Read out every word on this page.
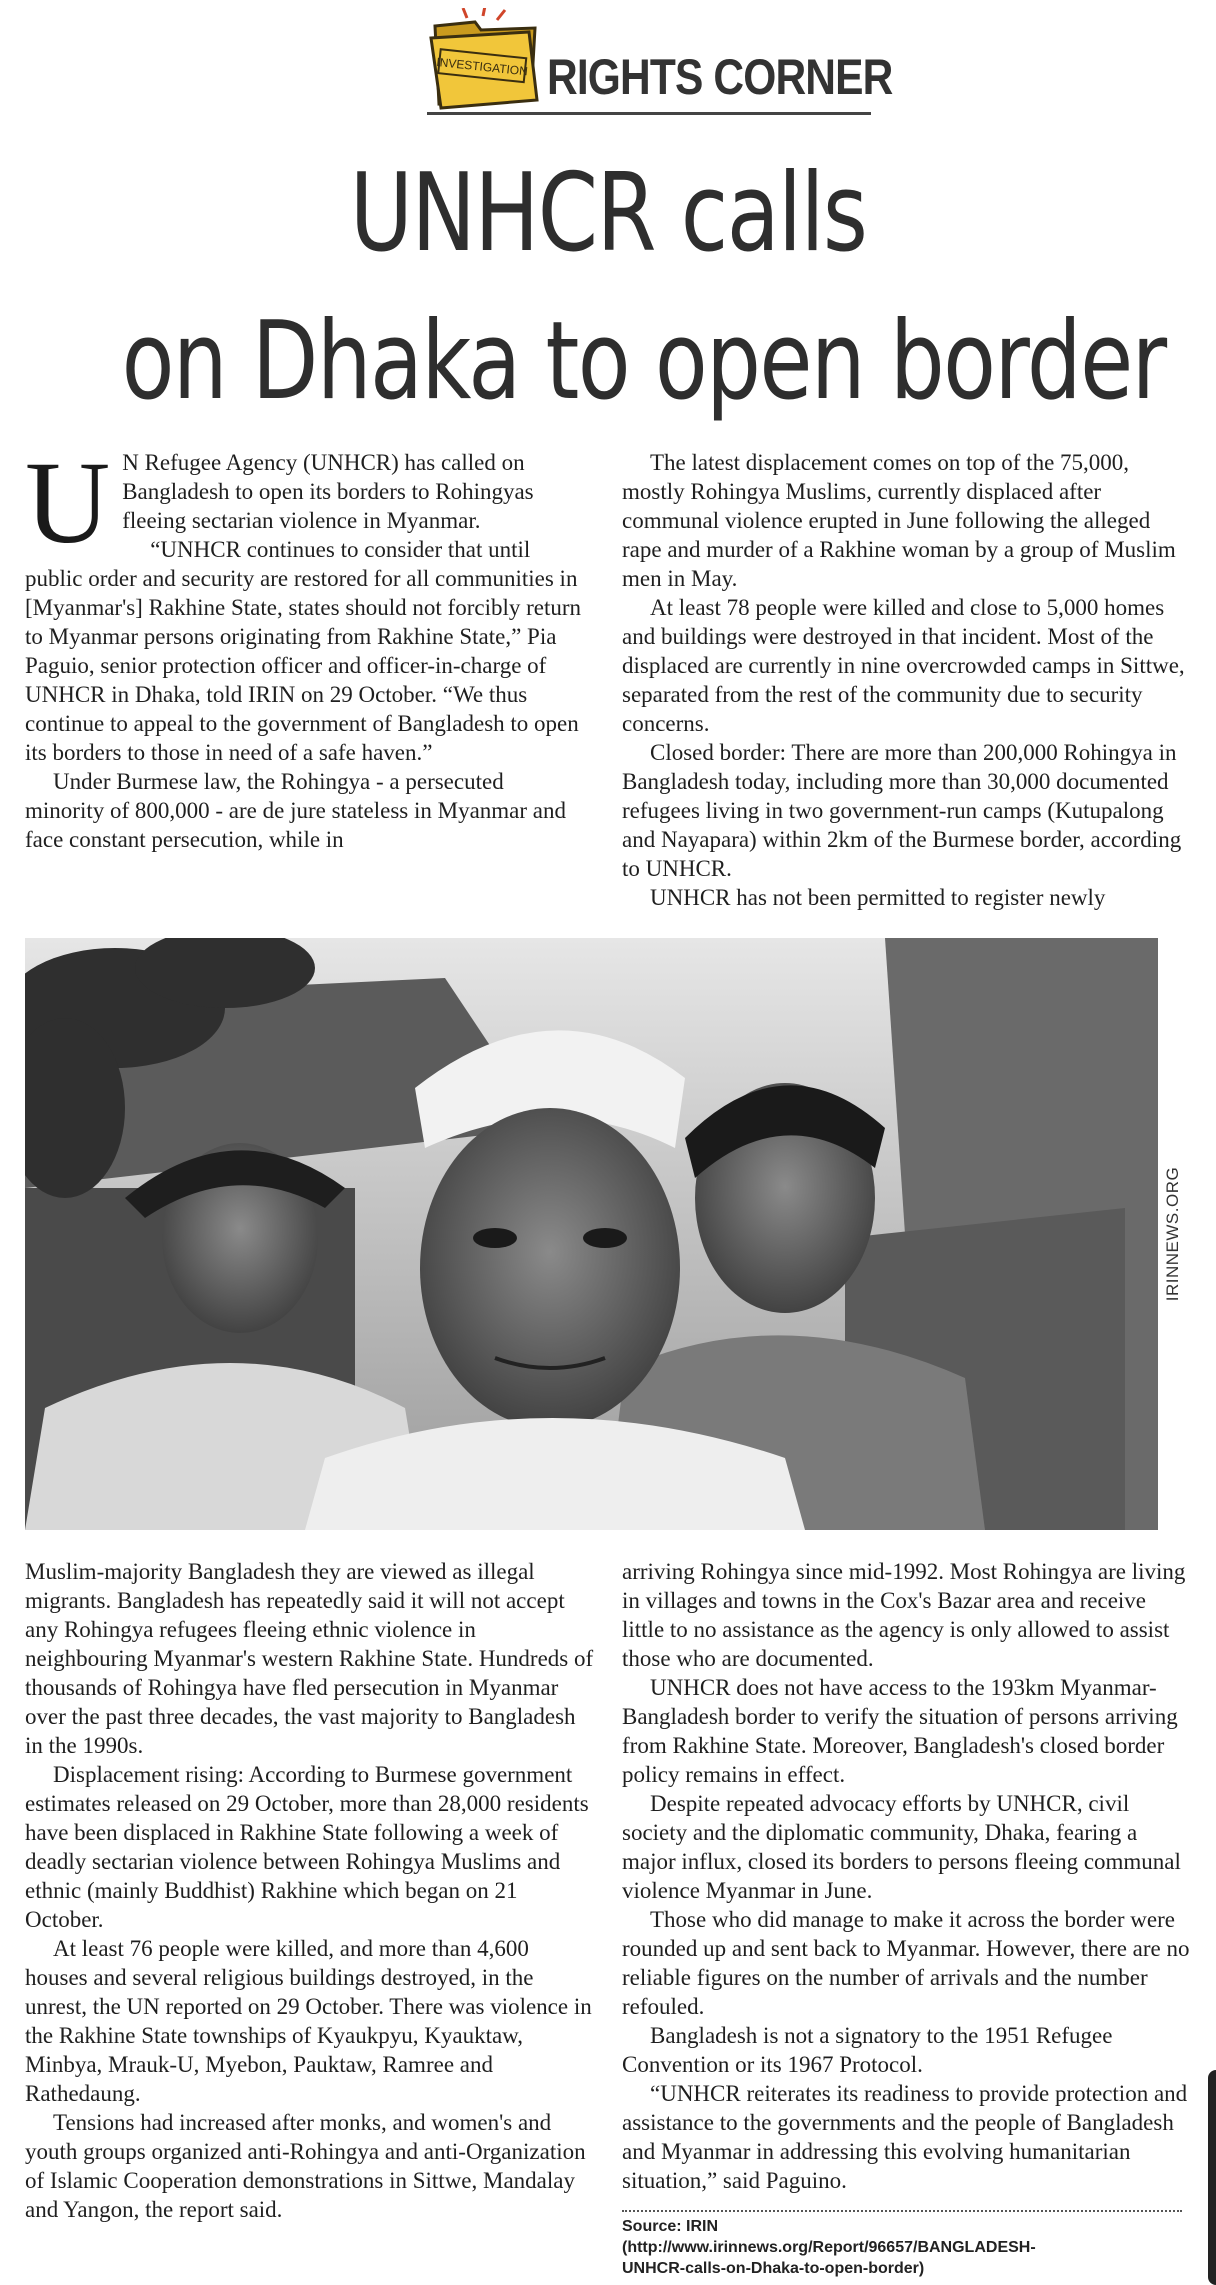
INVESTIGATION RIGHTS CORNER
UNHCR calls
on Dhaka to open border

U N Refugee Agency (UNHCR) has called on Bangladesh to open its borders to Rohingyas fleeing sectarian violence in Myanmar.

“UNHCR continues to consider that until public order and security are restored for all communities in [Myanmar's] Rakhine State, states should not forcibly return to Myanmar persons originating from Rakhine State,” Pia Paguio, senior protection officer and officer-in-charge of UNHCR in Dhaka, told IRIN on 29 October. “We thus continue to appeal to the government of Bangladesh to open its borders to those in need of a safe haven.”

Under Burmese law, the Rohingya - a persecuted minority of 800,000 - are de jure stateless in Myanmar and face constant persecution, while in

The latest displacement comes on top of the 75,000, mostly Rohingya Muslims, currently displaced after communal violence erupted in June following the alleged rape and murder of a Rakhine woman by a group of Muslim men in May.

At least 78 people were killed and close to 5,000 homes and buildings were destroyed in that incident. Most of the displaced are currently in nine overcrowded camps in Sittwe, separated from the rest of the community due to security concerns.

Closed border: There are more than 200,000 Rohingya in Bangladesh today, including more than 30,000 documented refugees living in two government-run camps (Kutupalong and Nayapara) within 2km of the Burmese border, according to UNHCR.

UNHCR has not been permitted to register newly

IRINNEWS.ORG

Muslim-majority Bangladesh they are viewed as illegal migrants. Bangladesh has repeatedly said it will not accept any Rohingya refugees fleeing ethnic violence in neighbouring Myanmar's western Rakhine State. Hundreds of thousands of Rohingya have fled persecution in Myanmar over the past three decades, the vast majority to Bangladesh in the 1990s.

Displacement rising: According to Burmese government estimates released on 29 October, more than 28,000 residents have been displaced in Rakhine State following a week of deadly sectarian violence between Rohingya Muslims and ethnic (mainly Buddhist) Rakhine which began on 21 October.

At least 76 people were killed, and more than 4,600 houses and several religious buildings destroyed, in the unrest, the UN reported on 29 October. There was violence in the Rakhine State townships of Kyaukpyu, Kyauktaw, Minbya, Mrauk-U, Myebon, Pauktaw, Ramree and Rathedaung.

Tensions had increased after monks, and women's and youth groups organized anti-Rohingya and anti-Organization of Islamic Cooperation demonstrations in Sittwe, Mandalay and Yangon, the report said.

arriving Rohingya since mid-1992. Most Rohingya are living in villages and towns in the Cox's Bazar area and receive little to no assistance as the agency is only allowed to assist those who are documented.

UNHCR does not have access to the 193km Myanmar-Bangladesh border to verify the situation of persons arriving from Rakhine State. Moreover, Bangladesh's closed border policy remains in effect.

Despite repeated advocacy efforts by UNHCR, civil society and the diplomatic community, Dhaka, fearing a major influx, closed its borders to persons fleeing communal violence Myanmar in June.

Those who did manage to make it across the border were rounded up and sent back to Myanmar. However, there are no reliable figures on the number of arrivals and the number refouled.

Bangladesh is not a signatory to the 1951 Refugee Convention or its 1967 Protocol.

“UNHCR reiterates its readiness to provide protection and assistance to the governments and the people of Bangladesh and Myanmar in addressing this evolving humanitarian situation,” said Paguino.

Source: IRIN
(http://www.irinnews.org/Report/96657/BANGLADESH-
UNHCR-calls-on-Dhaka-to-open-border)
